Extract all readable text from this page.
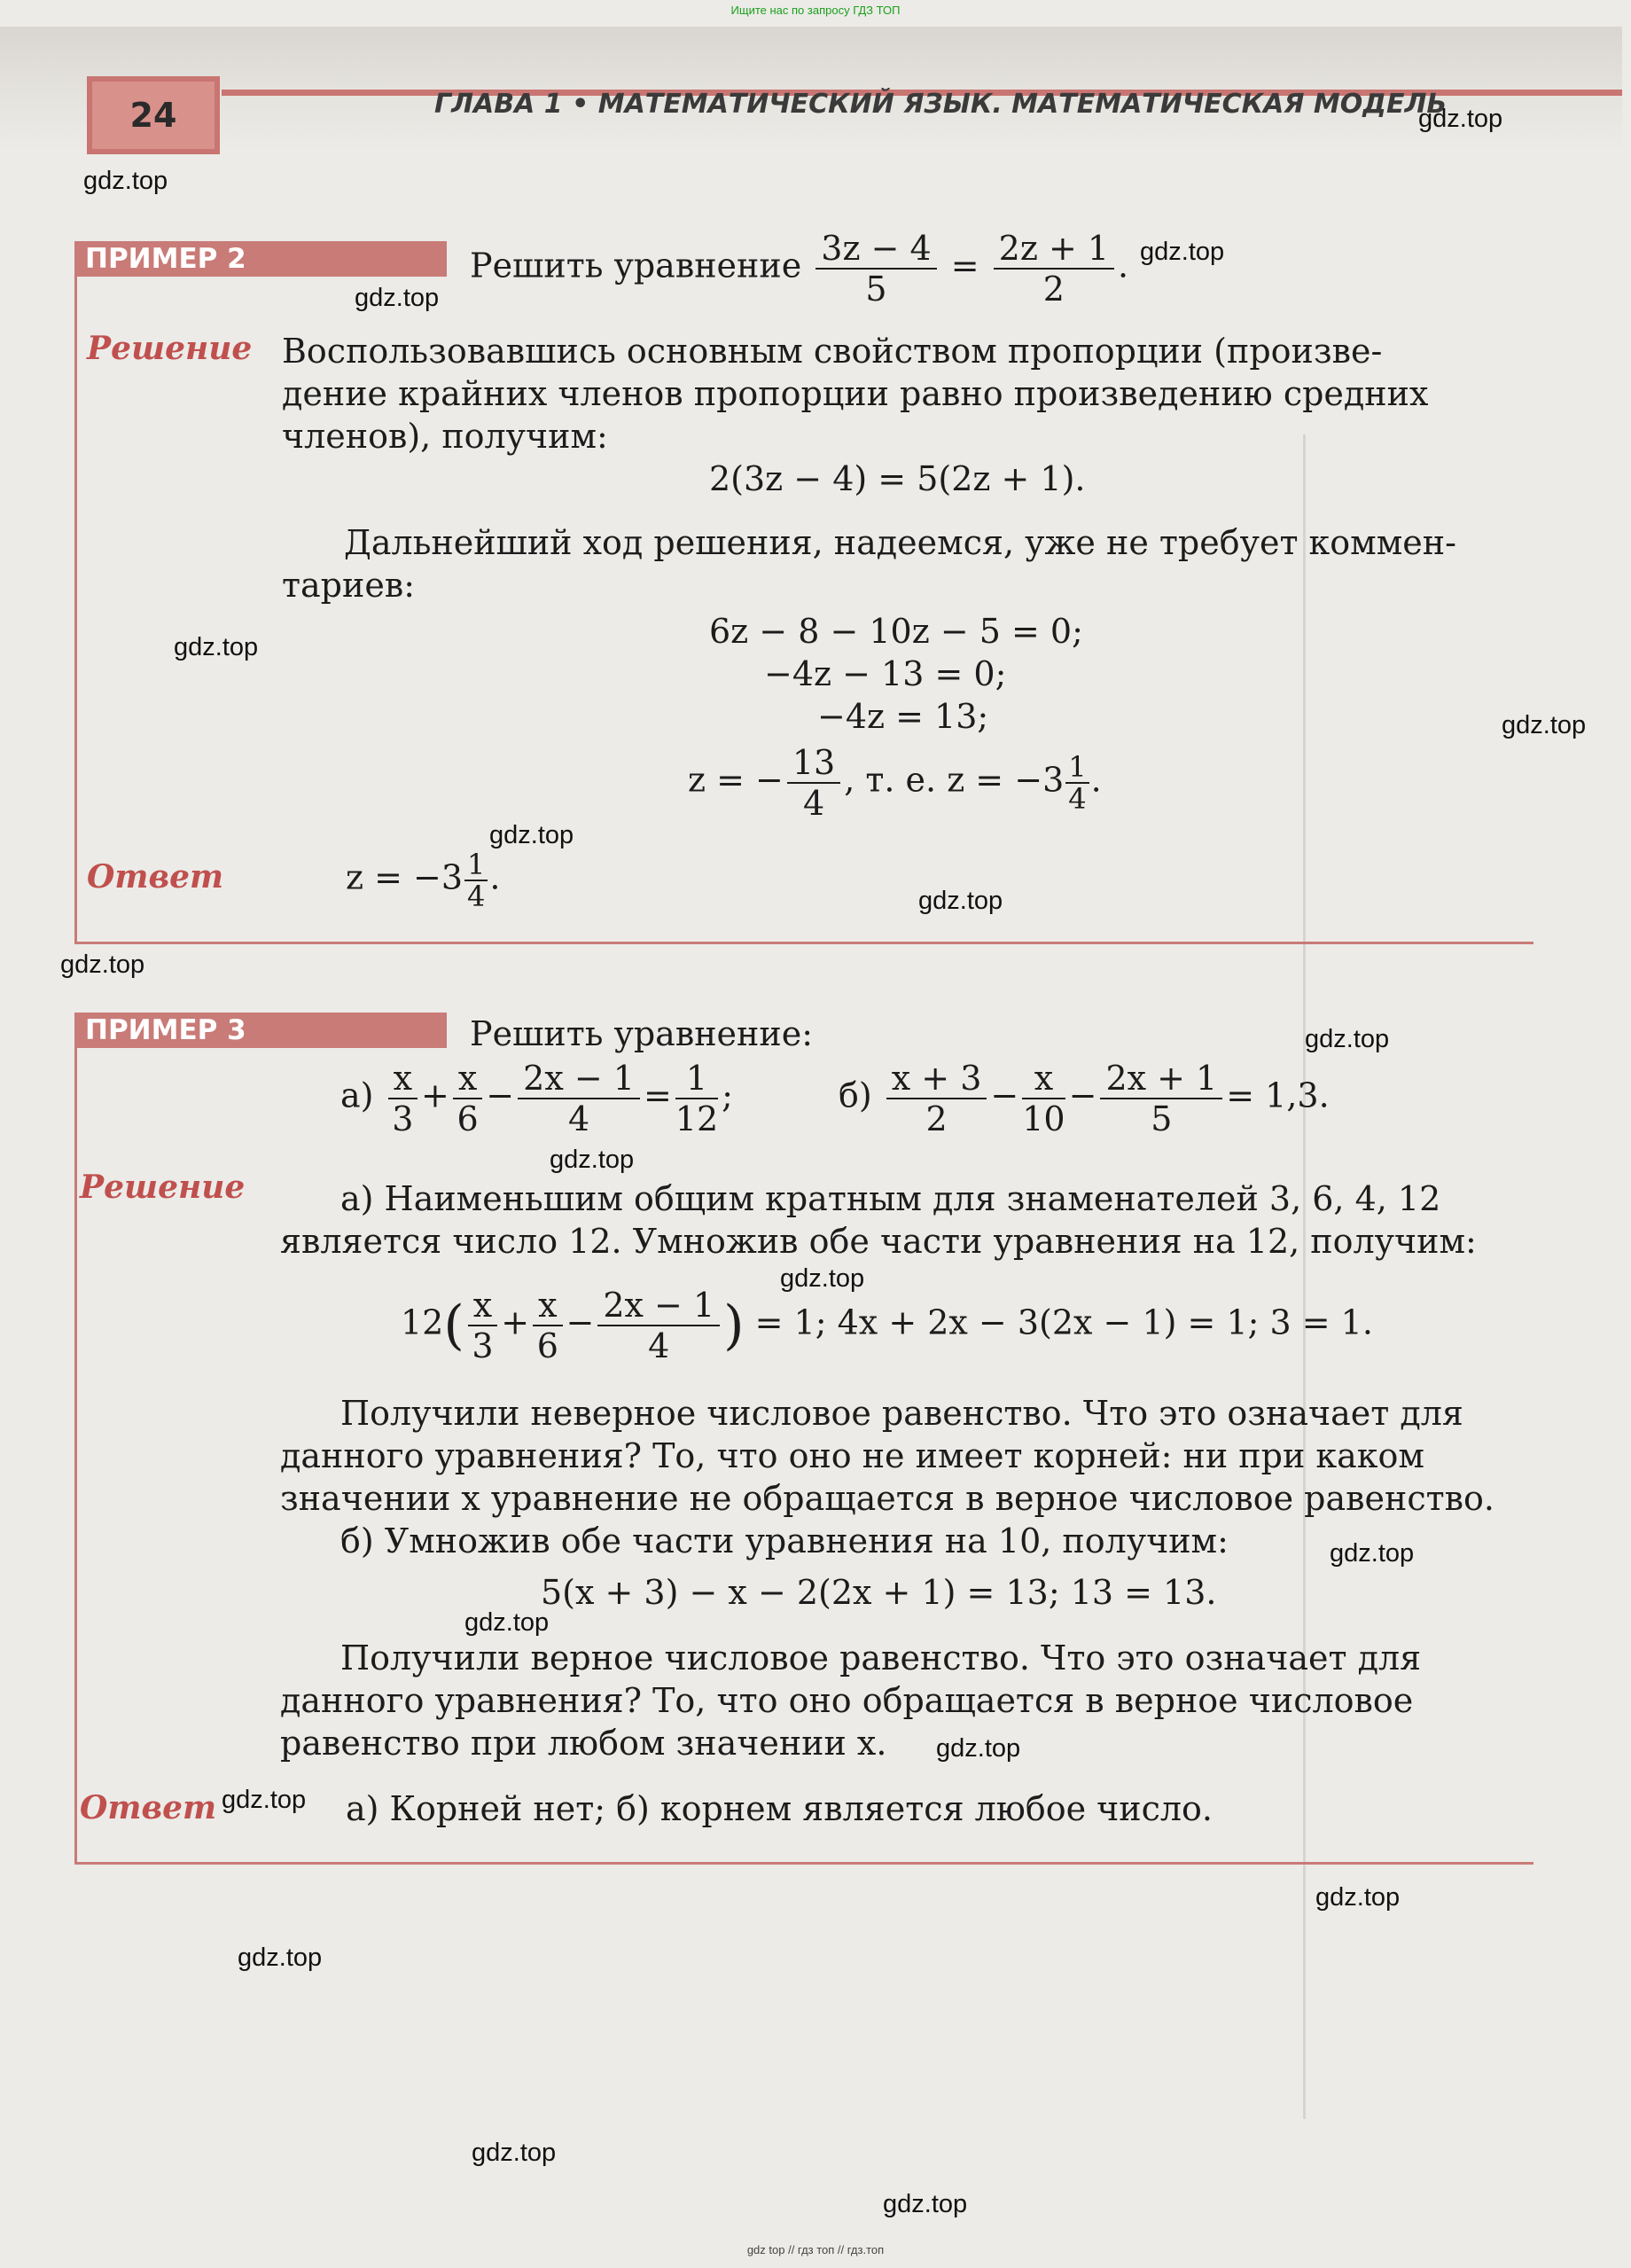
Ищите нас по запросу ГДЗ ТОП
24	ГЛАВА 1 • МАТЕМАТИЧЕСКИЙ ЯЗЫК. МАТЕМАТИЧЕСКАЯ МОДЕЛЬ
ПРИМЕР 2	Решить уравнение $\frac{3z - 4}{5} = \frac{2z + 1}{2}$ .
Решение Воспользовавшись основным свойством пропорции (произве-
дение крайних членов пропорции равно произведению средних
членов), получим:
2(3z − 4) = 5(2z + 1).
Дальнейший ход решения, надеемся, уже не требует коммен-
тариев:
6z − 8 − 10z − 5 = 0;
−4z − 13 = 0;
−4z = 13;
z = − $\frac{13}{4}$ , т. е. $z = -3 \frac{1}{4}$ .
Ответ	$z = -3 \frac{1}{4}$ .
ПРИМЕР 3	Решить уравнение:
$а) \frac{x}{3} + \frac{x}{6} - \frac{2x - 1}{4} = \frac{1}{12}$ ;	$б) \frac{x + 3}{2} - \frac{x}{10} - \frac{2x + 1}{5} = 1,3$.
Решение	а) Наименьшим общим кратным для знаменателей 3, 6, 4, 12
является число 12. Умножив обе части уравнения на 12, получим:
$12( \frac{x}{3} + \frac{x}{6} - \frac{2x - 1}{4}$ ) = 1; 4x + 2x − 3(2x − 1) = 1; 3 = 1.
Получили неверное числовое равенство. Что это означает для
данного уравнения? То, что оно не имеет корней: ни при каком
значении x уравнение не обращается в верное числовое равенство.
б) Умножив обе части уравнения на 10, получим:
5(x + 3) − x − 2(2x + 1) = 13; 13 = 13.
Получили верное числовое равенство. Что это означает для
данного уравнения? То, что оно обращается в верное числовое
равенство при любом значении x.
Ответ	а) Корней нет; б) корнем является любое число.
gdz.top
gdz.top
gdz.top
gdz.top
gdz.top
gdz.top
gdz.top
gdz.top
gdz.top
gdz.top
gdz.top
gdz.top
gdz.top
gdz.top
gdz.top
gdz.top
gdz.top
gdz.top
gdz.top
gdz.top
gdz top // гдз топ // гдз.топ
